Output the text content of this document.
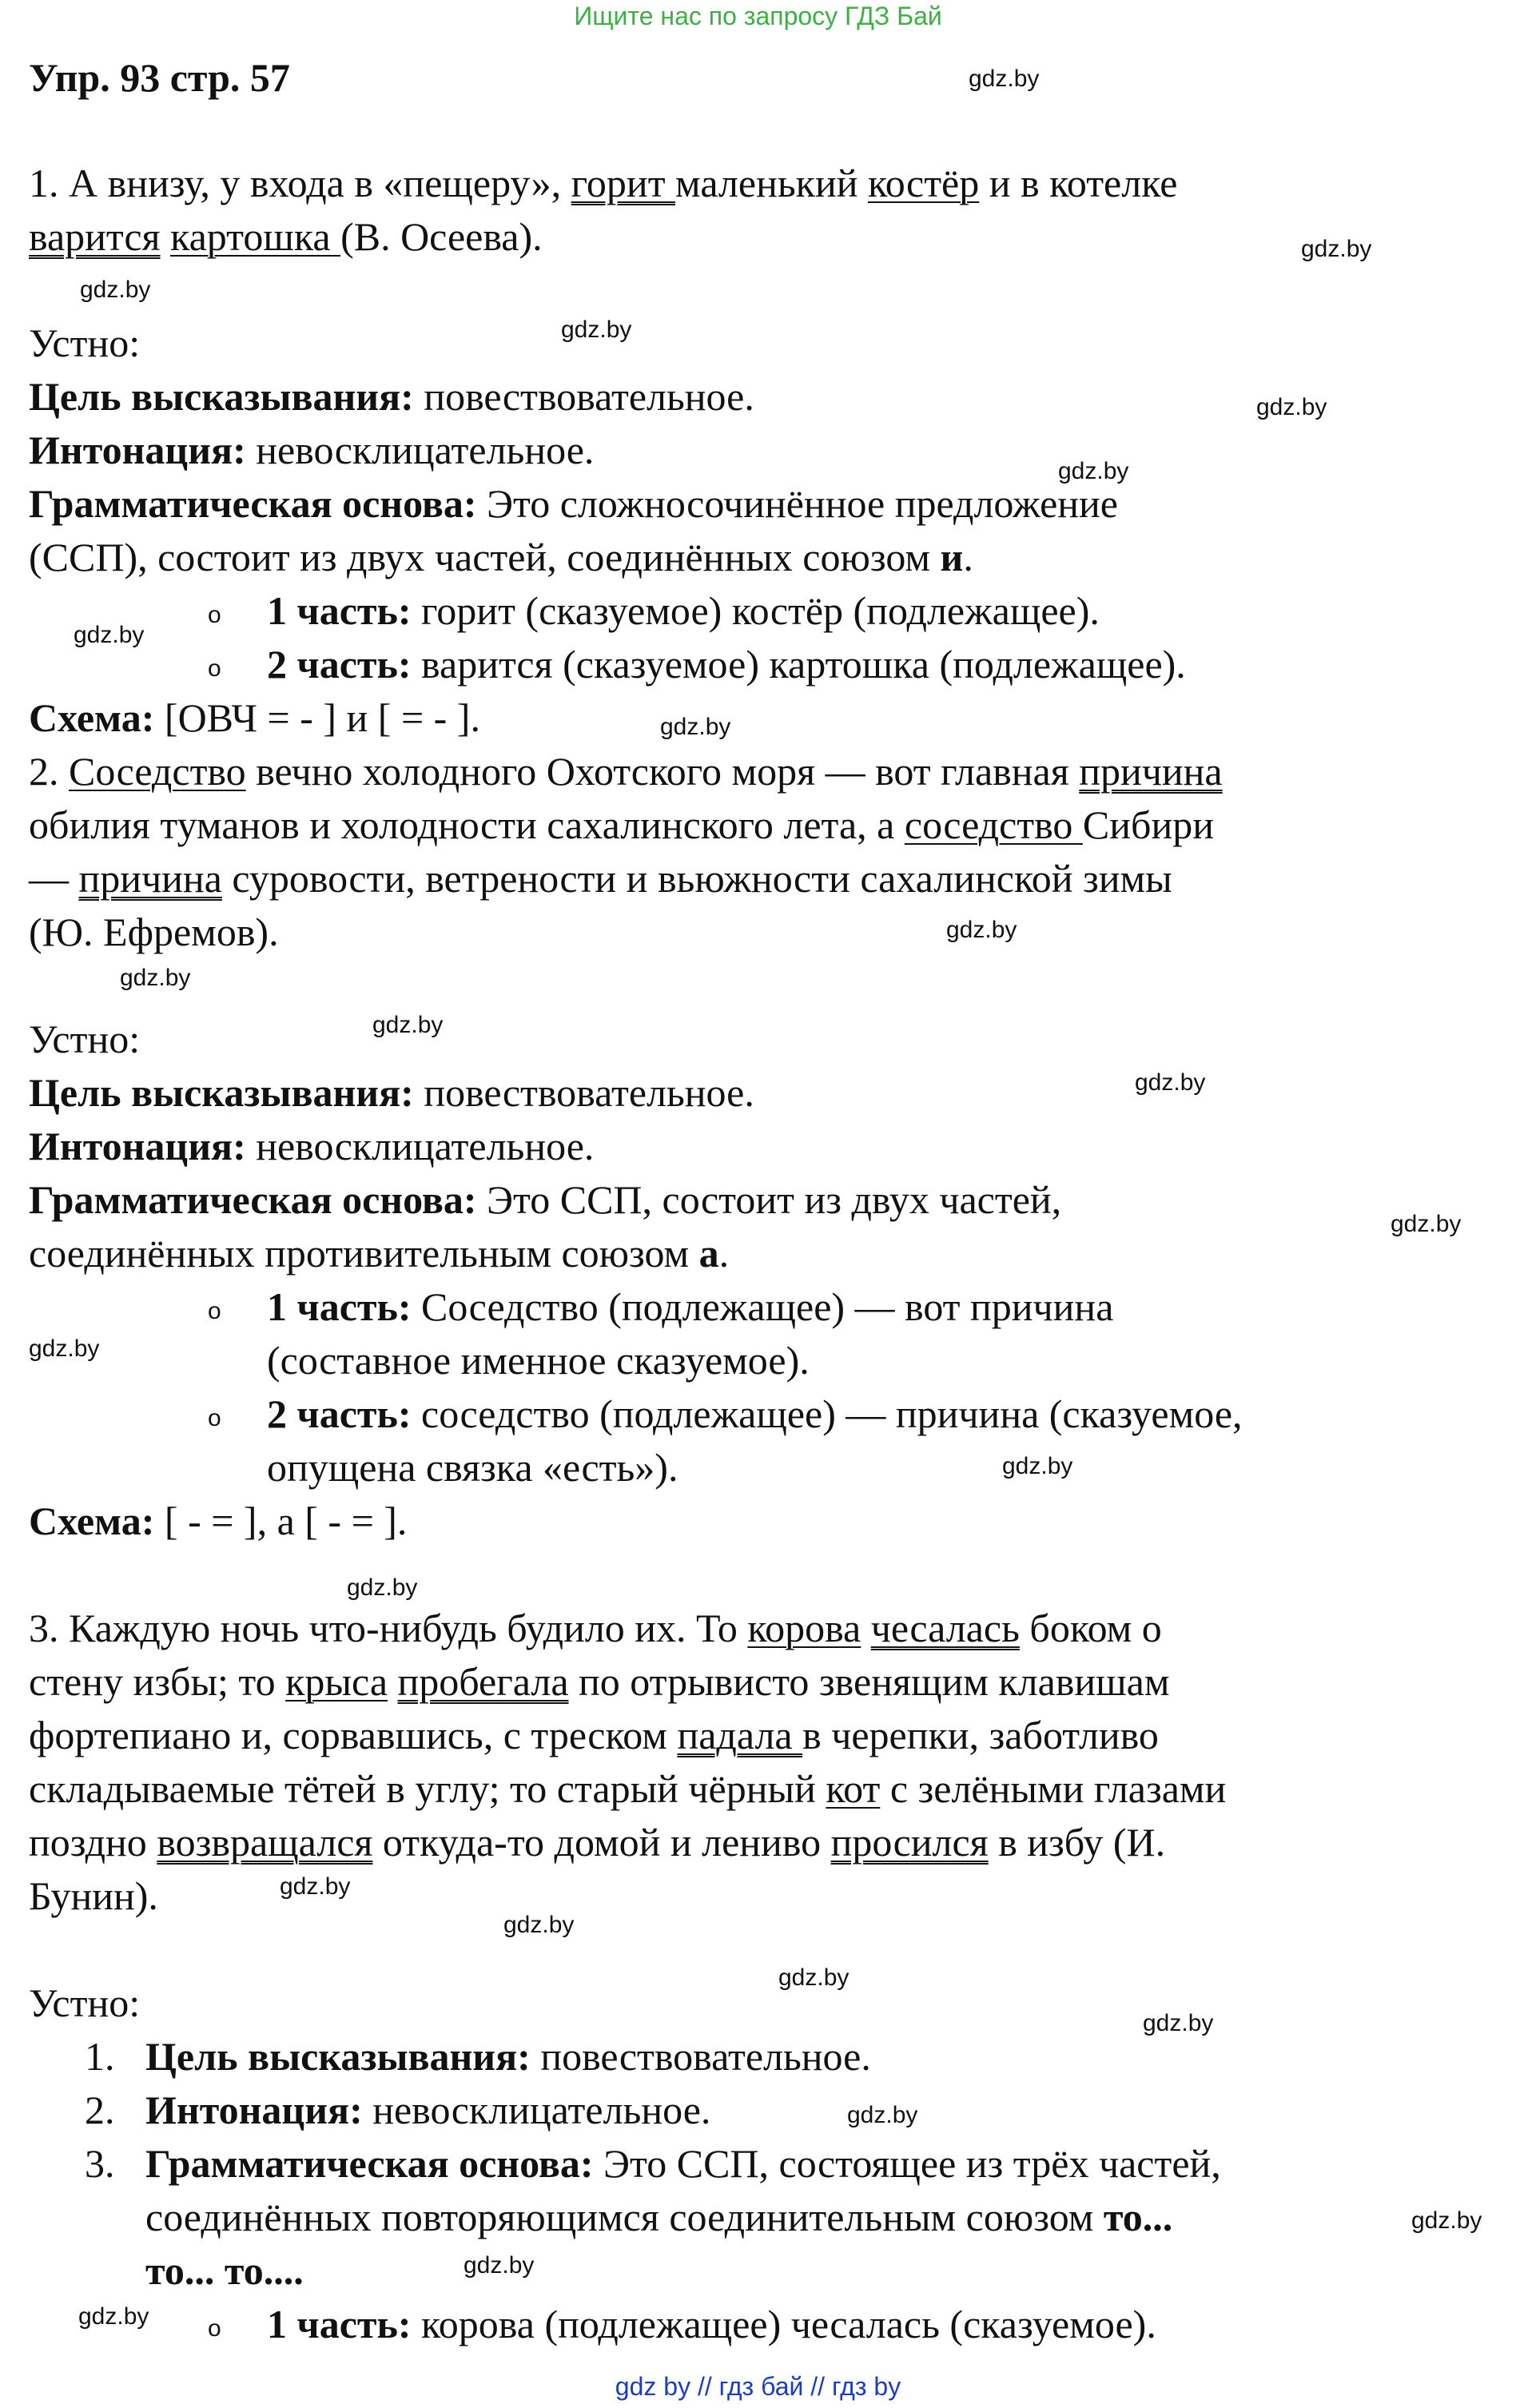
Ищите нас по запросу ГДЗ Бай
Упр. 93 стр. 57
1. А внизу, у входа в «пещеру», горит маленький костёр и в котелке
варится картошка (В. Осеева).
Устно:
Цель высказывания: повествовательное.
Интонация: невосклицательное.
Грамматическая основа: Это сложносочинённое предложение
(ССП), состоит из двух частей, соединённых союзом и.
o 1 часть: горит (сказуемое) костёр (подлежащее).
o 2 часть: варится (сказуемое) картошка (подлежащее).
Схема: [ОВЧ = - ] и [ = - ].
2. Соседство вечно холодного Охотского моря — вот главная причина
обилия туманов и холодности сахалинского лета, а соседство Сибири
— причина суровости, ветрености и вьюжности сахалинской зимы
(Ю. Ефремов).
Устно:
Цель высказывания: повествовательное.
Интонация: невосклицательное.
Грамматическая основа: Это ССП, состоит из двух частей,
соединённых противительным союзом а.
o 1 часть: Соседство (подлежащее) — вот причина
(составное именное сказуемое).
o 2 часть: соседство (подлежащее) — причина (сказуемое,
опущена связка «есть»).
Схема: [ - = ], а [ - = ].
3. Каждую ночь что-нибудь будило их. То корова чесалась боком о
стену избы; то крыса пробегала по отрывисто звенящим клавишам
фортепиано и, сорвавшись, с треском падала в черепки, заботливо
складываемые тётей в углу; то старый чёрный кот с зелёными глазами
поздно возвращался откуда-то домой и лениво просился в избу (И.
Бунин).
Устно:
1. Цель высказывания: повествовательное.
2. Интонация: невосклицательное.
3. Грамматическая основа: Это ССП, состоящее из трёх частей,
соединённых повторяющимся соединительным союзом то...
то... то....
o 1 часть: корова (подлежащее) чесалась (сказуемое).
gdz.by
gdz.by
gdz.by
gdz.by
gdz.by
gdz.by
gdz.by
gdz.by
gdz.by
gdz.by
gdz.by
gdz.by
gdz.by
gdz.by
gdz.by
gdz.by
gdz.by
gdz.by
gdz.by
gdz.by
gdz.by
gdz.by
gdz.by
gdz.by
gdz by // гдз бай // гдз by
